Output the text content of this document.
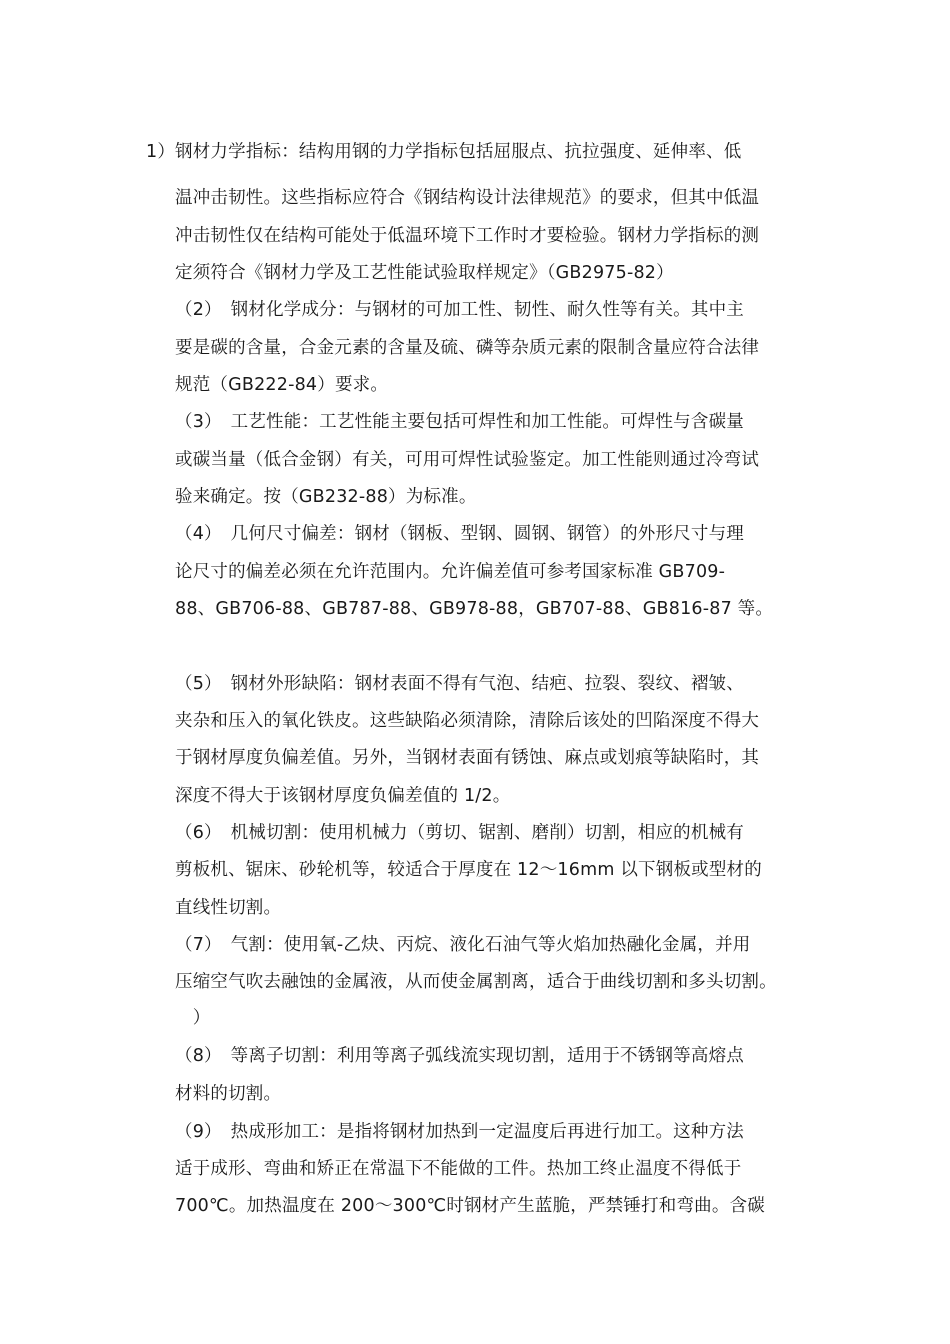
1）钢材力学指标：结构用钢的力学指标包括屈服点、抗拉强度、延伸率、低
温冲击韧性。这些指标应符合《钢结构设计法律规范》的要求，但其中低温
冲击韧性仅在结构可能处于低温环境下工作时才要检验。钢材力学指标的测
定须符合《钢材力学及工艺性能试验取样规定》（GB2975-82）
（2）　钢材化学成分：与钢材的可加工性、韧性、耐久性等有关。其中主
要是碳的含量，合金元素的含量及硫、磷等杂质元素的限制含量应符合法律
规范（GB222-84）要求。
（3）　工艺性能：工艺性能主要包括可焊性和加工性能。可焊性与含碳量
或碳当量（低合金钢）有关，可用可焊性试验鉴定。加工性能则通过冷弯试
验来确定。按（GB232-88）为标准。
（4）　几何尺寸偏差：钢材（钢板、型钢、圆钢、钢管）的外形尺寸与理
论尺寸的偏差必须在允许范围内。允许偏差值可参考国家标准 GB709-
88、GB706-88、GB787-88、GB978-88，GB707-88、GB816-87 等。
（5）　钢材外形缺陷：钢材表面不得有气泡、结疤、拉裂、裂纹、褶皱、
夹杂和压入的氧化铁皮。这些缺陷必须清除，清除后该处的凹陷深度不得大
于钢材厚度负偏差值。另外，当钢材表面有锈蚀、麻点或划痕等缺陷时，其
深度不得大于该钢材厚度负偏差值的 1/2。
（6）　机械切割：使用机械力（剪切、锯割、磨削）切割，相应的机械有
剪板机、锯床、砂轮机等，较适合于厚度在 12～16mm 以下钢板或型材的
直线性切割。
（7）　气割：使用氧-乙炔、丙烷、液化石油气等火焰加热融化金属，并用
压缩空气吹去融蚀的金属液，从而使金属割离，适合于曲线切割和多头切割。
　）
（8）　等离子切割：利用等离子弧线流实现切割，适用于不锈钢等高熔点
材料的切割。
（9）　热成形加工：是指将钢材加热到一定温度后再进行加工。这种方法
适于成形、弯曲和矫正在常温下不能做的工件。热加工终止温度不得低于
700℃。加热温度在 200～300℃时钢材产生蓝脆，严禁锤打和弯曲。含碳
